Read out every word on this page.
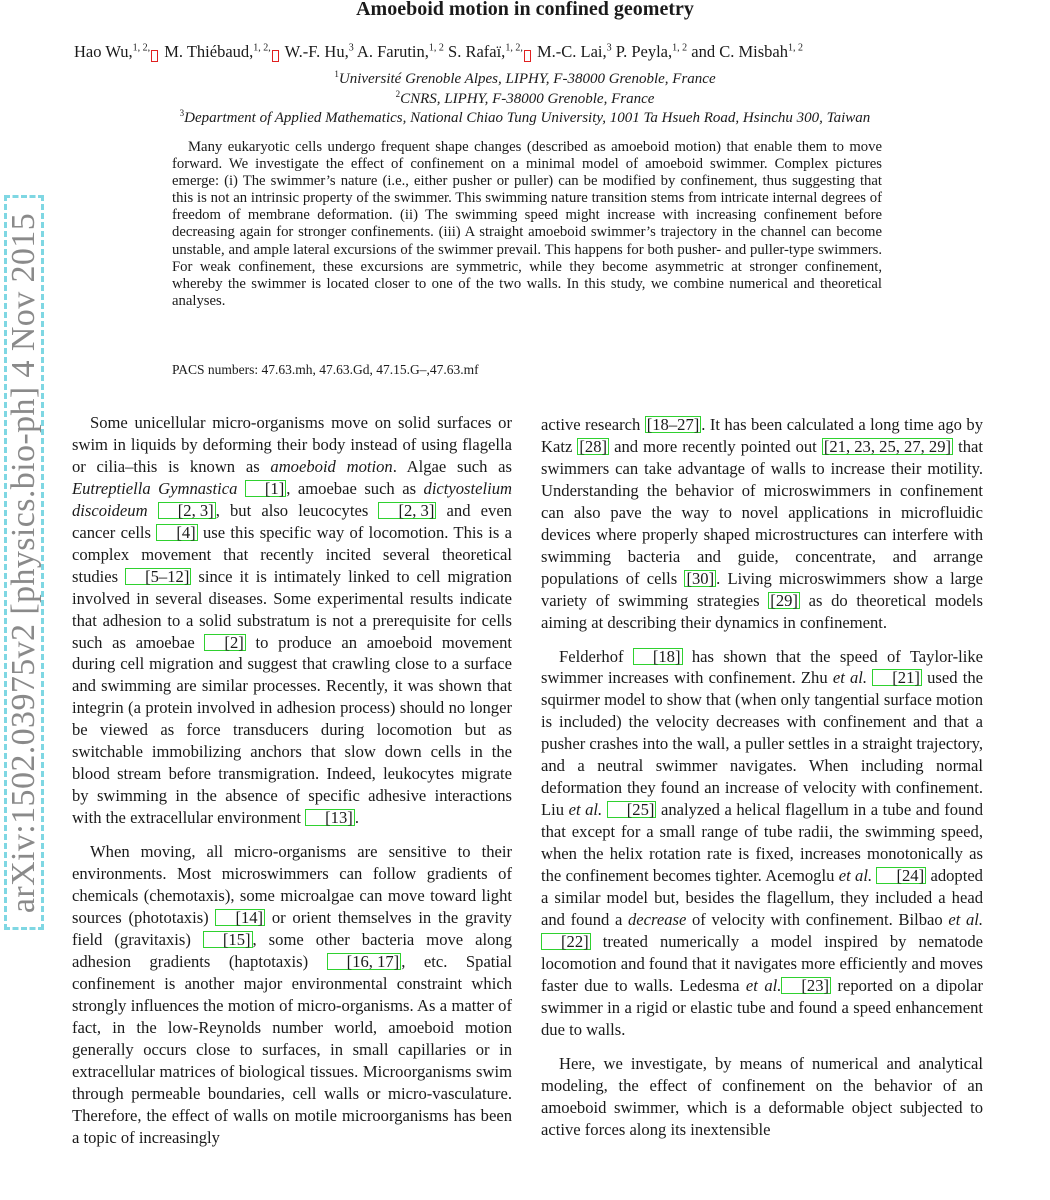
arXiv:1502.03975v2 [physics.bio-ph] 4 Nov 2015
Amoeboid motion in confined geometry
Hao Wu,$^{1, 2,}$ M. Thiébaud,$^{1, 2,}$ W.-F. Hu,$^3$ A. Farutin,$^{1, 2}$ S. Rafaï,$^{1, 2,}$ M.-C. Lai,$^3$ P. Peyla,$^{1, 2}$ and C. Misbah$^{1, 2}$
$^1$Université Grenoble Alpes, LIPHY, F-38000 Grenoble, France
$^2$CNRS, LIPHY, F-38000 Grenoble, France
$^3$Department of Applied Mathematics, National Chiao Tung University, 1001 Ta Hsueh Road, Hsinchu 300, Taiwan
Many eukaryotic cells undergo frequent shape changes (described as amoeboid motion) that enable them to move forward. We investigate the effect of confinement on a minimal model of amoeboid swimmer. Complex pictures emerge: (i) The swimmer’s nature (i.e., either pusher or puller) can be modified by confinement, thus suggesting that this is not an intrinsic property of the swimmer. This swimming nature transition stems from intricate internal degrees of freedom of membrane deformation. (ii) The swimming speed might increase with increasing confinement before decreasing again for stronger confinements. (iii) A straight amoeboid swimmer’s trajectory in the channel can become unstable, and ample lateral excursions of the swimmer prevail. This happens for both pusher- and puller-type swimmers. For weak confinement, these excursions are symmetric, while they become asymmetric at stronger confinement, whereby the swimmer is located closer to one of the two walls. In this study, we combine numerical and theoretical analyses.
PACS numbers: 47.63.mh, 47.63.Gd, 47.15.G–,47.63.mf

Some unicellular micro-organisms move on solid surfaces or swim in liquids by deforming their body instead of using flagella or cilia–this is known as amoeboid motion. Algae such as Eutreptiella Gymnastica [1] , amoebae such as dictyostelium discoideum [2, 3] , but also leucocytes [2, 3] and even cancer cells [4] use this specific way of locomotion. This is a complex movement that recently incited several theoretical studies [5–12] since it is intimately linked to cell migration involved in several diseases. Some experimental results indicate that adhesion to a solid substratum is not a prerequisite for cells such as amoebae [2] to produce an amoeboid movement during cell migration and suggest that crawling close to a surface and swimming are similar processes. Recently, it was shown that integrin (a protein involved in adhesion process) should no longer be viewed as force transducers during locomotion but as switchable immobilizing anchors that slow down cells in the blood stream before transmigration. Indeed, leukocytes migrate by swimming in the absence of specific adhesive interactions with the extracellular environment [13] .

When moving, all micro-organisms are sensitive to their environments. Most microswimmers can follow gradients of chemicals (chemotaxis), some microalgae can move toward light sources (phototaxis) [14] or orient themselves in the gravity field (gravitaxis) [15] , some other bacteria move along adhesion gradients (haptotaxis) [16, 17] , etc. Spatial confinement is another major environmental constraint which strongly influences the motion of micro-organisms. As a matter of fact, in the low-Reynolds number world, amoeboid motion generally occurs close to surfaces, in small capillaries or in extracellular matrices of biological tissues. Microorganisms swim through permeable boundaries, cell walls or micro-vasculature. Therefore, the effect of walls on motile microorganisms has been a topic of increasingly

active research [18–27] . It has been calculated a long time ago by Katz [28] and more recently pointed out [21, 23, 25, 27, 29] that swimmers can take advantage of walls to increase their motility. Understanding the behavior of microswimmers in confinement can also pave the way to novel applications in microfluidic devices where properly shaped microstructures can interfere with swimming bacteria and guide, concentrate, and arrange populations of cells [30] . Living microswimmers show a large variety of swimming strategies [29] as do theoretical models aiming at describing their dynamics in confinement.

Felderhof [18] has shown that the speed of Taylor-like swimmer increases with confinement. Zhu et al. [21] used the squirmer model to show that (when only tangential surface motion is included) the velocity decreases with confinement and that a pusher crashes into the wall, a puller settles in a straight trajectory, and a neutral swimmer navigates. When including normal deformation they found an increase of velocity with confinement. Liu et al. [25] analyzed a helical flagellum in a tube and found that except for a small range of tube radii, the swimming speed, when the helix rotation rate is fixed, increases monotonically as the confinement becomes tighter. Acemoglu et al. [24] adopted a similar model but, besides the flagellum, they included a head and found a decrease of velocity with confinement. Bilbao et al.[22] treated numerically a model inspired by nematode locomotion and found that it navigates more efficiently and moves faster due to walls. Ledesma et al. [23] reported on a dipolar swimmer in a rigid or elastic tube and found a speed enhancement due to walls.

Here, we investigate, by means of numerical and analytical modeling, the effect of confinement on the behavior of an amoeboid swimmer, which is a deformable object subjected to active forces along its inextensible
